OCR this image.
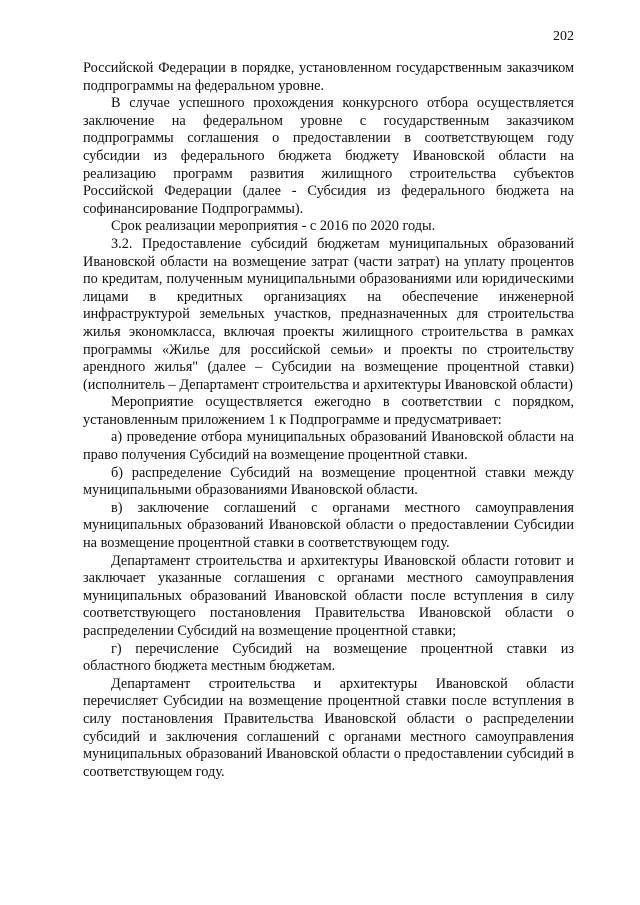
202

Российской Федерации в порядке, установленном государственным заказчиком подпрограммы на федеральном уровне.

В случае успешного прохождения конкурсного отбора осуществляется заключение на федеральном уровне с государственным заказчиком подпрограммы соглашения о предоставлении в соответствующем году субсидии из федерального бюджета бюджету Ивановской области на реализацию программ развития жилищного строительства субъектов Российской Федерации (далее - Субсидия из федерального бюджета на софинансирование Подпрограммы).

Срок реализации мероприятия - с 2016 по 2020 годы.

3.2. Предоставление субсидий бюджетам муниципальных образований Ивановской области на возмещение затрат (части затрат) на уплату процентов по кредитам, полученным муниципальными образованиями или юридическими лицами в кредитных организациях на обеспечение инженерной инфраструктурой земельных участков, предназначенных для строительства жилья экономкласса, включая проекты жилищного строительства в рамках программы «Жилье для российской семьи» и проекты по строительству арендного жилья" (далее – Субсидии на возмещение процентной ставки) (исполнитель – Департамент строительства и архитектуры Ивановской области)

Мероприятие осуществляется ежегодно в соответствии с порядком, установленным приложением 1 к Подпрограмме и предусматривает:

а) проведение отбора муниципальных образований Ивановской области на право получения Субсидий на возмещение процентной ставки.

б) распределение Субсидий на возмещение процентной ставки между муниципальными образованиями Ивановской области.

в) заключение соглашений с органами местного самоуправления муниципальных образований Ивановской области о предоставлении Субсидии на возмещение процентной ставки в соответствующем году.

Департамент строительства и архитектуры Ивановской области готовит и заключает указанные соглашения с органами местного самоуправления муниципальных образований Ивановской области после вступления в силу соответствующего постановления Правительства Ивановской области о распределении Субсидий на возмещение процентной ставки;

г) перечисление Субсидий на возмещение процентной ставки из областного бюджета местным бюджетам.

Департамент строительства и архитектуры Ивановской области перечисляет Субсидии на возмещение процентной ставки после вступления в силу постановления Правительства Ивановской области о распределении субсидий и заключения соглашений с органами местного самоуправления муниципальных образований Ивановской области о предоставлении субсидий в соответствующем году.
